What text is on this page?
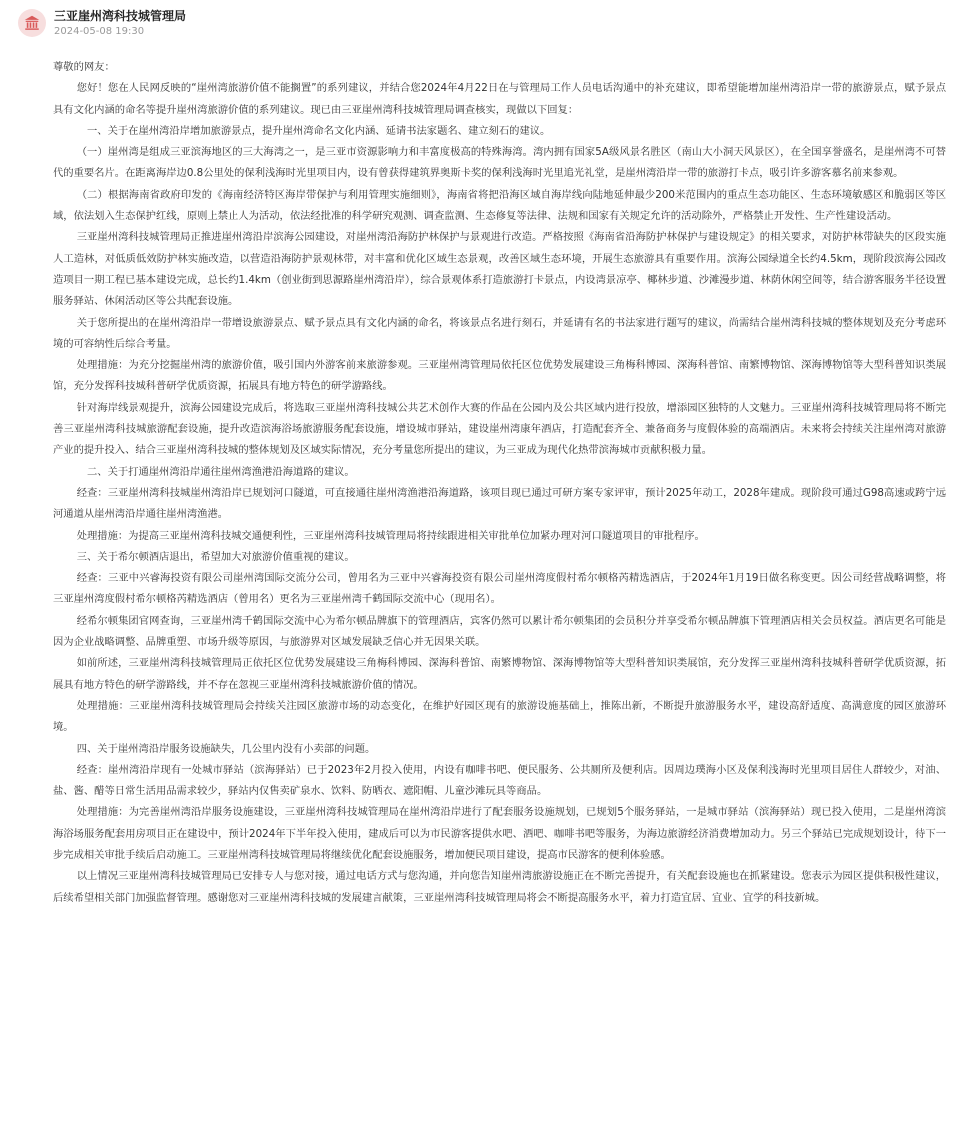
三亚崖州湾科技城管理局
2024-05-08 19:30

尊敬的网友：

您好！您在人民网反映的“崖州湾旅游价值不能搁置”的系列建议，并结合您2024年4月22日在与管理局工作人员电话沟通中的补充建议，即希望能增加崖州湾沿岸一带的旅游景点，赋予景点具有文化内涵的命名等提升崖州湾旅游价值的系列建议。现已由三亚崖州湾科技城管理局调查核实，现做以下回复：

一、关于在崖州湾沿岸增加旅游景点，提升崖州湾命名文化内涵、延请书法家题名、建立刻石的建议。

（一）崖州湾是组成三亚滨海地区的三大海湾之一，是三亚市资源影响力和丰富度极高的特殊海湾。湾内拥有国家5A级风景名胜区（南山大小洞天风景区），在全国享誉盛名，是崖州湾不可替代的重要名片。在距离海岸边0.8公里处的保利浅海时光里项目内，设有曾获得建筑界奥斯卡奖的保利浅海时光里追光礼堂，是崖州湾沿岸一带的旅游打卡点，吸引许多游客慕名前来参观。

（二）根据海南省政府印发的《海南经济特区海岸带保护与利用管理实施细则》，海南省将把沿海区域自海岸线向陆地延伸最少200米范围内的重点生态功能区、生态环境敏感区和脆弱区等区域，依法划入生态保护红线，原则上禁止人为活动，依法经批准的科学研究观测、调查监测、生态修复等法律、法规和国家有关规定允许的活动除外，严格禁止开发性、生产性建设活动。

三亚崖州湾科技城管理局正推进崖州湾沿岸滨海公园建设，对崖州湾沿海防护林保护与景观进行改造。严格按照《海南省沿海防护林保护与建设规定》的相关要求，对防护林带缺失的区段实施人工造林，对低质低效防护林实施改造，以营造沿海防护景观林带，对丰富和优化区域生态景观，改善区域生态环境，开展生态旅游具有重要作用。滨海公园绿道全长约4.5km，现阶段滨海公园改造项目一期工程已基本建设完成，总长约1.4km（创业街到思源路崖州湾沿岸），综合景观体系打造旅游打卡景点，内设湾景凉亭、椰林步道、沙滩漫步道、林荫休闲空间等，结合游客服务半径设置服务驿站、休闲活动区等公共配套设施。

关于您所提出的在崖州湾沿岸一带增设旅游景点、赋予景点具有文化内涵的命名，将该景点名进行刻石，并延请有名的书法家进行题写的建议，尚需结合崖州湾科技城的整体规划及充分考虑环境的可容纳性后综合考量。

处理措施：为充分挖掘崖州湾的旅游价值，吸引国内外游客前来旅游参观。三亚崖州湾管理局依托区位优势发展建设三角梅科博园、深海科普馆、南繁博物馆、深海博物馆等大型科普知识类展馆，充分发挥科技城科普研学优质资源，拓展具有地方特色的研学游路线。

针对海岸线景观提升，滨海公园建设完成后，将选取三亚崖州湾科技城公共艺术创作大赛的作品在公园内及公共区域内进行投放，增添园区独特的人文魅力。三亚崖州湾科技城管理局将不断完善三亚崖州湾科技城旅游配套设施，提升改造滨海浴场旅游服务配套设施，增设城市驿站，建设崖州湾康年酒店，打造配套齐全、兼备商务与度假体验的高端酒店。未来将会持续关注崖州湾对旅游产业的提升投入、结合三亚崖州湾科技城的整体规划及区域实际情况，充分考量您所提出的建议，为三亚成为现代化热带滨海城市贡献积极力量。

二、关于打通崖州湾沿岸通往崖州湾渔港沿海道路的建议。

经查：三亚崖州湾科技城崖州湾沿岸已规划河口隧道，可直接通往崖州湾渔港沿海道路，该项目现已通过可研方案专家评审，预计2025年动工，2028年建成。现阶段可通过G98高速或跨宁远河通道从崖州湾沿岸通往崖州湾渔港。

处理措施：为提高三亚崖州湾科技城交通便利性，三亚崖州湾科技城管理局将持续跟进相关审批单位加紧办理对河口隧道项目的审批程序。

三、关于希尔顿酒店退出，希望加大对旅游价值重视的建议。

经查：三亚中兴睿海投资有限公司崖州湾国际交流分公司，曾用名为三亚中兴睿海投资有限公司崖州湾度假村希尔顿格芮精选酒店，于2024年1月19日做名称变更。因公司经营战略调整，将三亚崖州湾度假村希尔顿格芮精选酒店（曾用名）更名为三亚崖州湾千鹤国际交流中心（现用名）。

经希尔顿集团官网查询，三亚崖州湾千鹤国际交流中心为希尔顿品牌旗下的管理酒店，宾客仍然可以累计希尔顿集团的会员积分并享受希尔顿品牌旗下管理酒店相关会员权益。酒店更名可能是因为企业战略调整、品牌重塑、市场升级等原因，与旅游界对区域发展缺乏信心并无因果关联。

如前所述，三亚崖州湾科技城管理局正依托区位优势发展建设三角梅科博园、深海科普馆、南繁博物馆、深海博物馆等大型科普知识类展馆，充分发挥三亚崖州湾科技城科普研学优质资源，拓展具有地方特色的研学游路线，并不存在忽视三亚崖州湾科技城旅游价值的情况。

处理措施：三亚崖州湾科技城管理局会持续关注园区旅游市场的动态变化，在维护好园区现有的旅游设施基础上，推陈出新，不断提升旅游服务水平，建设高舒适度、高满意度的园区旅游环境。

四、关于崖州湾沿岸服务设施缺失，几公里内没有小卖部的问题。

经查：崖州湾沿岸现有一处城市驿站（滨海驿站）已于2023年2月投入使用，内设有咖啡书吧、便民服务、公共厕所及便利店。因周边璞海小区及保利浅海时光里项目居住人群较少，对油、盐、酱、醋等日常生活用品需求较少，驿站内仅售卖矿泉水、饮料、防晒衣、遮阳帽、儿童沙滩玩具等商品。

处理措施：为完善崖州湾沿岸服务设施建设，三亚崖州湾科技城管理局在崖州湾沿岸进行了配套服务设施规划，已规划5个服务驿站，一是城市驿站（滨海驿站）现已投入使用，二是崖州湾滨海浴场服务配套用房项目正在建设中，预计2024年下半年投入使用，建成后可以为市民游客提供水吧、酒吧、咖啡书吧等服务，为海边旅游经济消费增加动力。另三个驿站已完成规划设计，待下一步完成相关审批手续后启动施工。三亚崖州湾科技城管理局将继续优化配套设施服务，增加便民项目建设，提高市民游客的便利体验感。

以上情况三亚崖州湾科技城管理局已安排专人与您对接，通过电话方式与您沟通，并向您告知崖州湾旅游设施正在不断完善提升，有关配套设施也在抓紧建设。您表示为园区提供积极性建议，后续希望相关部门加强监督管理。感谢您对三亚崖州湾科技城的发展建言献策，三亚崖州湾科技城管理局将会不断提高服务水平，着力打造宜居、宜业、宜学的科技新城。
